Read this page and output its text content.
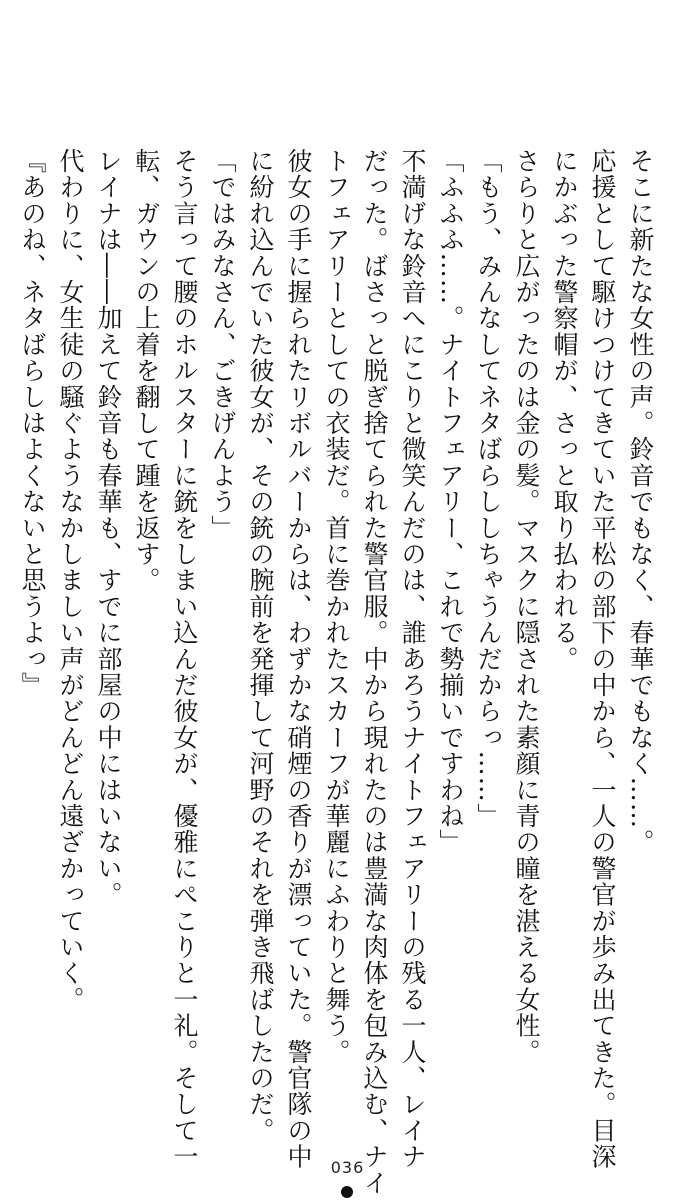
そこに新たな女性の声。鈴音でもなく、春華でもなく……。
応援として駆けつけてきていた平松の部下の中から、一人の警官が歩み出てきた。目深
にかぶった警察帽が、さっと取り払われる。
さらりと広がったのは金の髪。マスクに隠された素顔に青の瞳を湛える女性。
「もう、みんなしてネタばらししちゃうんだからっ……」
「ふふふ……。ナイトフェアリー、これで勢揃いですわね」
不満げな鈴音へにこりと微笑んだのは、誰あろうナイトフェアリーの残る一人、レイナ
だった。ばさっと脱ぎ捨てられた警官服。中から現れたのは豊満な肉体を包み込む、ナイ
トフェアリーとしての衣装だ。首に巻かれたスカーフが華麗にふわりと舞う。
彼女の手に握られたリボルバーからは、わずかな硝煙の香りが漂っていた。警官隊の中
に紛れ込んでいた彼女が、その銃の腕前を発揮して河野のそれを弾き飛ばしたのだ。
「ではみなさん、ごきげんよう」
そう言って腰のホルスターに銃をしまい込んだ彼女が、優雅にぺこりと一礼。そして一
転、ガウンの上着を翻して踵を返す。
レイナは――加えて鈴音も春華も、すでに部屋の中にはいない。
代わりに、女生徒の騒ぐようなかしましい声がどんどん遠ざかっていく。
『あのね、ネタばらしはよくないと思うよっ』
036
